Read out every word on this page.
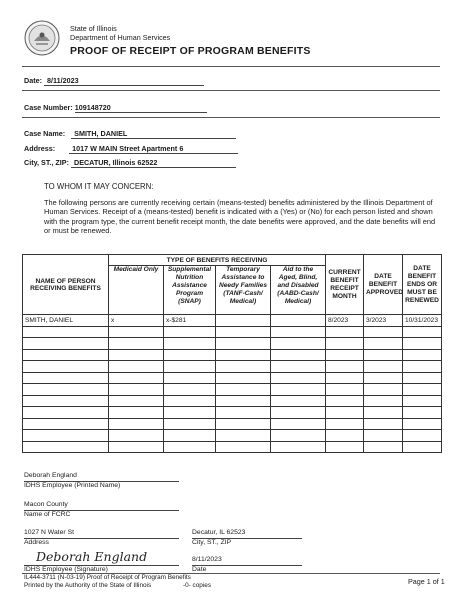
State of Illinois
Department of Human Services
PROOF OF RECEIPT OF PROGRAM BENEFITS
Date: 8/11/2023
Case Number: 109148720
Case Name: SMITH, DANIEL
Address: 1017 W MAIN Street Apartment 6
City, ST., ZIP: DECATUR, Illinois 62522
TO WHOM IT MAY CONCERN:
The following persons are currently receiving certain (means-tested) benefits administered by the Illinois Department of Human Services. Receipt of a (means-tested) benefit is indicated with a (Yes) or (No) for each person listed and shown with the program type, the current benefit receipt month, the date benefits were approved, and the date benefits will end or must be renewed.
NAME OF PERSON RECEIVING BENEFITS	TYPE OF BENEFITS RECEIVING				CURRENT BENEFIT RECEIPT MONTH	DATE BENEFIT APPROVED	DATE BENEFIT ENDS OR MUST BE RENEWED
	Medicaid Only	Supplemental Nutrition Assistance Program (SNAP)	Temporary Assistance to Needy Families (TANF-Cash/ Medical)	Aid to the Aged, Blind, and Disabled (AABD-Cash/ Medical)			
SMITH, DANIEL	x	x-$281			8/2023	3/2023	10/31/2023

Deborah England
IDHS Employee (Printed Name)
Macon County
Name of FCRC
1027 N Water St
Address
Decatur, IL 62523
City, ST., ZIP
Deborah England
IDHS Employee (Signature)
8/11/2023
Date
IL444-3711 (N-03-19) Proof of Receipt of Program Benefits
Printed by the Authority of the State of Illinois	-0- copies	Page 1 of 1
